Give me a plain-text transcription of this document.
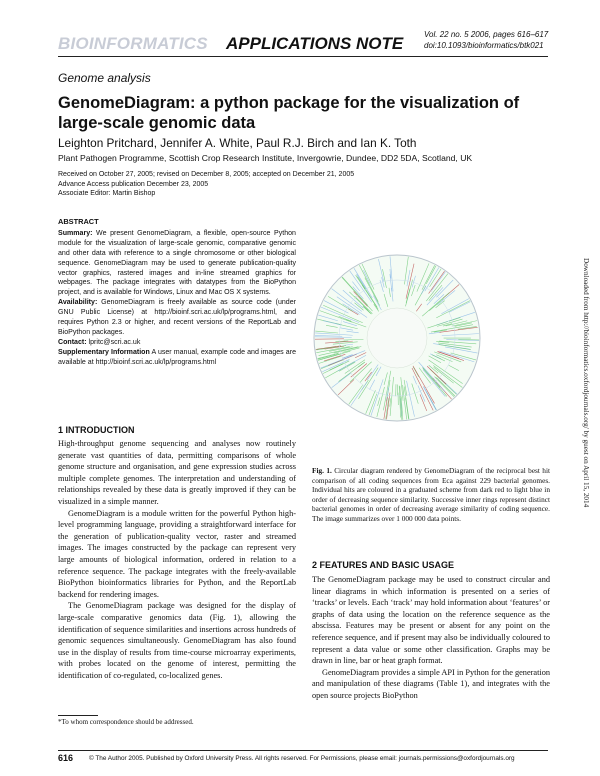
BIOINFORMATICS APPLICATIONS NOTE	Vol. 22 no. 5 2006, pages 616–617
doi:10.1093/bioinformatics/btk021
Genome analysis
GenomeDiagram: a python package for the visualization of large-scale genomic data
Leighton Pritchard, Jennifer A. White, Paul R.J. Birch and Ian K. Toth
Plant Pathogen Programme, Scottish Crop Research Institute, Invergowrie, Dundee, DD2 5DA, Scotland, UK
Received on October 27, 2005; revised on December 8, 2005; accepted on December 21, 2005
Advance Access publication December 23, 2005
Associate Editor: Martin Bishop
ABSTRACT

Summary: We present GenomeDiagram, a flexible, open-source Python module for the visualization of large-scale genomic, comparative genomic and other data with reference to a single chromosome or other biological sequence. GenomeDiagram may be used to generate publication-quality vector graphics, rastered images and in-line streamed graphics for webpages. The package integrates with datatypes from the BioPython project, and is available for Windows, Linux and Mac OS X systems.

Availability: GenomeDiagram is freely available as source code (under GNU Public License) at http://bioinf.scri.ac.uk/lp/programs.html, and requires Python 2.3 or higher, and recent versions of the ReportLab and BioPython packages.

Contact: lpritc@scri.ac.uk

Supplementary Information A user manual, example code and images are available at http://bioinf.scri.ac.uk/lp/programs.html

1 INTRODUCTION

High-throughput genome sequencing and analyses now routinely generate vast quantities of data, permitting comparisons of whole genome structure and organisation, and gene expression studies across multiple complete genomes. The interpretation and understanding of relationships revealed by these data is greatly improved if they can be visualized in a simple manner.

GenomeDiagram is a module written for the powerful Python high-level programming language, providing a straightforward interface for the generation of publication-quality vector, raster and streamed images. The images constructed by the package can represent very large amounts of biological information, ordered in relation to a reference sequence. The package integrates with the freely-available BioPython bioinformatics libraries for Python, and the ReportLab backend for rendering images.

The GenomeDiagram package was designed for the display of large-scale comparative genomics data (Fig. 1), allowing the identification of sequence similarities and insertions across hundreds of genomic sequences simultaneously. GenomeDiagram has also found use in the display of results from time-course microarray experiments, with probes located on the genome of interest, permitting the identification of co-regulated, co-localized genes.

*To whom correspondence should be addressed.
Fig. 1. Circular diagram rendered by GenomeDiagram of the reciprocal best hit comparison of all coding sequences from Eca against 229 bacterial genomes. Individual hits are coloured in a graduated scheme from dark red to light blue in order of decreasing sequence similarity. Successive inner rings represent distinct bacterial genomes in order of decreasing average similarity of coding sequence. The image summarizes over 1 000 000 data points.
2 FEATURES AND BASIC USAGE

The GenomeDiagram package may be used to construct circular and linear diagrams in which information is presented on a series of ‘tracks’ or levels. Each ‘track’ may hold information about ‘features’ or graphs of data using the location on the reference sequence as the abscissa. Features may be present or absent for any point on the reference sequence, and if present may also be individually coloured to represent a data value or some other classification. Graphs may be drawn in line, bar or heat graph format.

GenomeDiagram provides a simple API in Python for the generation and manipulation of these diagrams (Table 1), and integrates with the open source projects BioPython

Downloaded from http://bioinformatics.oxfordjournals.org/ by guest on April 15, 2014
616 © The Author 2005. Published by Oxford University Press. All rights reserved. For Permissions, please email: journals.permissions@oxfordjournals.org
